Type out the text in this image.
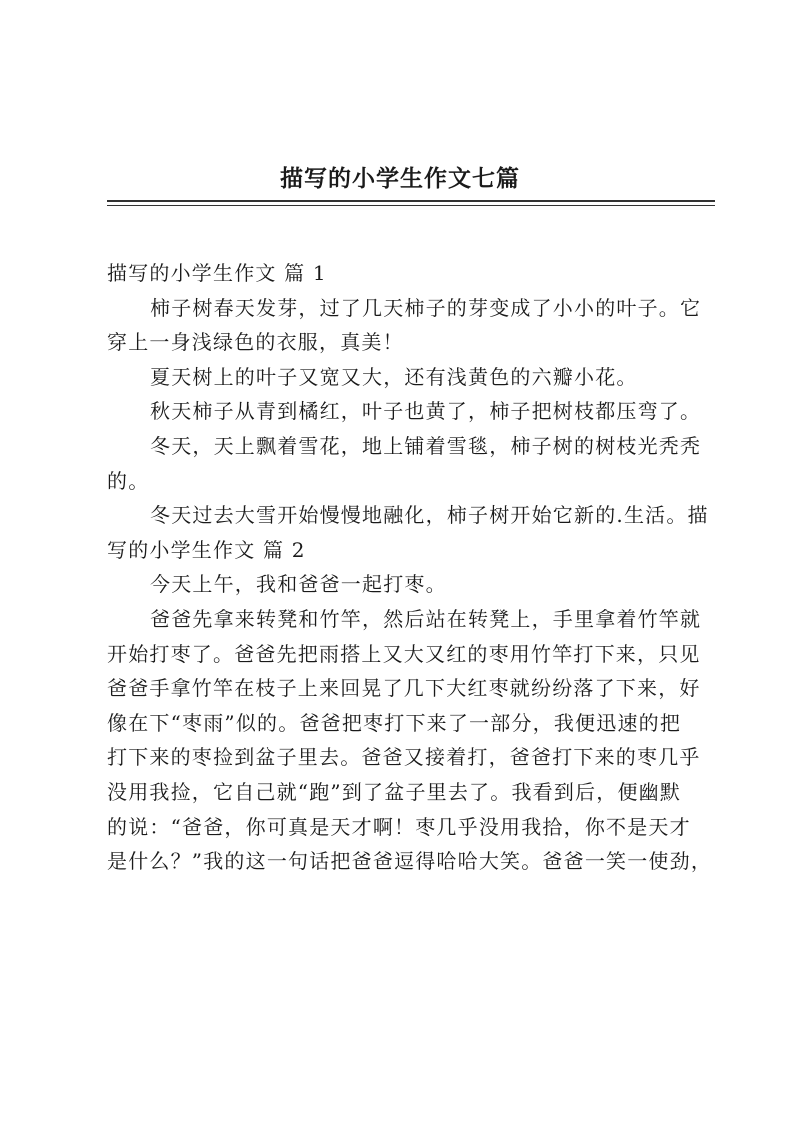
描写的小学生作文七篇
描写的小学生作文 篇 1
柿子树春天发芽，过了几天柿子的芽变成了小小的叶子。它
穿上一身浅绿色的衣服，真美！
夏天树上的叶子又宽又大，还有浅黄色的六瓣小花。
秋天柿子从青到橘红，叶子也黄了，柿子把树枝都压弯了。
冬天，天上飘着雪花，地上铺着雪毯，柿子树的树枝光秃秃
的。
冬天过去大雪开始慢慢地融化，柿子树开始它新的.生活。描
写的小学生作文 篇 2
今天上午，我和爸爸一起打枣。
爸爸先拿来转凳和竹竿，然后站在转凳上，手里拿着竹竿就
开始打枣了。爸爸先把雨搭上又大又红的枣用竹竿打下来，只见
爸爸手拿竹竿在枝子上来回晃了几下大红枣就纷纷落了下来，好
像在下“枣雨”似的。爸爸把枣打下来了一部分，我便迅速的把
打下来的枣捡到盆子里去。爸爸又接着打，爸爸打下来的枣几乎
没用我捡，它自己就“跑”到了盆子里去了。我看到后，便幽默
的说：“爸爸，你可真是天才啊！枣几乎没用我拾，你不是天才
是什么？”我的这一句话把爸爸逗得哈哈大笑。爸爸一笑一使劲，
